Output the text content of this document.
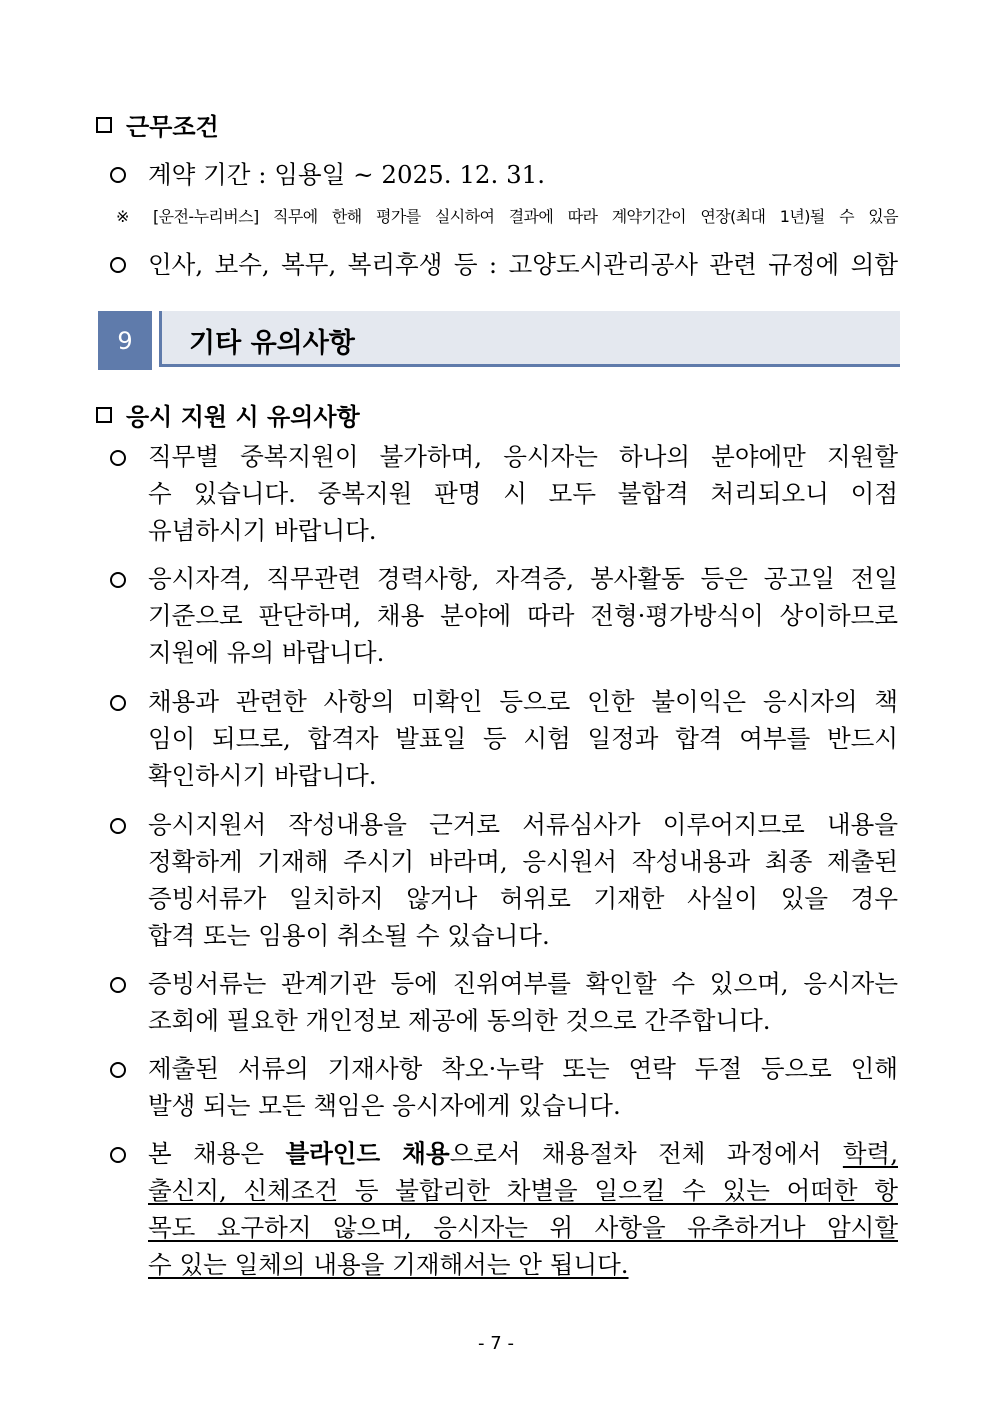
근무조건
계약 기간 : 임용일 ~ 2025. 12. 31.
※ [운전-누리버스] 직무에 한해 평가를 실시하여 결과에 따라 계약기간이 연장(최대 1년)될 수 있음
인사, 보수, 복무, 복리후생 등 : 고양도시관리공사 관련 규정에 의함
9	기타 유의사항
응시 지원 시 유의사항
직무별 중복지원이 불가하며, 응시자는 하나의 분야에만 지원할
수 있습니다. 중복지원 판명 시 모두 불합격 처리되오니 이점
유념하시기 바랍니다.
응시자격, 직무관련 경력사항, 자격증, 봉사활동 등은 공고일 전일
기준으로 판단하며, 채용 분야에 따라 전형·평가방식이 상이하므로
지원에 유의 바랍니다.
채용과 관련한 사항의 미확인 등으로 인한 불이익은 응시자의 책
임이 되므로, 합격자 발표일 등 시험 일정과 합격 여부를 반드시
확인하시기 바랍니다.
응시지원서 작성내용을 근거로 서류심사가 이루어지므로 내용을
정확하게 기재해 주시기 바라며, 응시원서 작성내용과 최종 제출된
증빙서류가 일치하지 않거나 허위로 기재한 사실이 있을 경우
합격 또는 임용이 취소될 수 있습니다.
증빙서류는 관계기관 등에 진위여부를 확인할 수 있으며, 응시자는
조회에 필요한 개인정보 제공에 동의한 것으로 간주합니다.
제출된 서류의 기재사항 착오·누락 또는 연락 두절 등으로 인해
발생 되는 모든 책임은 응시자에게 있습니다.
본 채용은 블라인드 채용으로서 채용절차 전체 과정에서 학력,
출신지, 신체조건 등 불합리한 차별을 일으킬 수 있는 어떠한 항
목도 요구하지 않으며, 응시자는 위 사항을 유추하거나 암시할
수 있는 일체의 내용을 기재해서는 안 됩니다.
- 7 -
